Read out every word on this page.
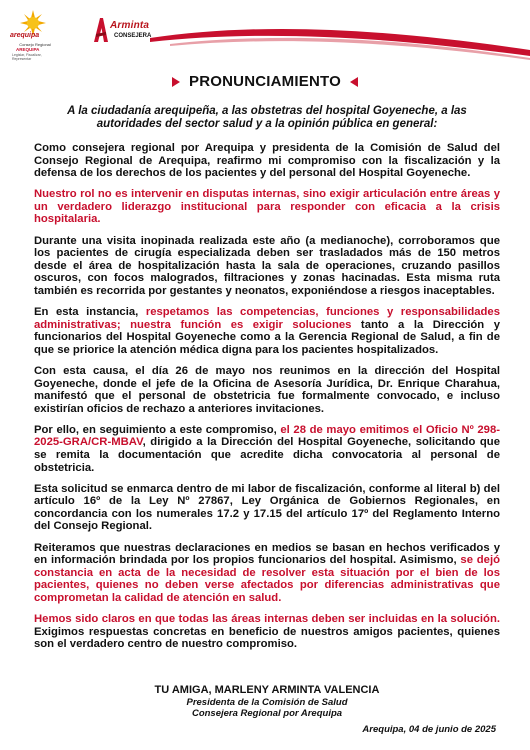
arequipa
Consejo Regional
AREQUIPA
Legislar, Fiscalizar, Representar
Arminta
CONSEJERA
PRONUNCIAMIENTO
A la ciudadanía arequipeña, a las obstetras del hospital Goyeneche, a las autoridades del sector salud y a la opinión pública en general:

Como consejera regional por Arequipa y presidenta de la Comisión de Salud del Consejo Regional de Arequipa, reafirmo mi compromiso con la fiscalización y la defensa de los derechos de los pacientes y del personal del Hospital Goyeneche.

Nuestro rol no es intervenir en disputas internas, sino exigir articulación entre áreas y un verdadero liderazgo institucional para responder con eficacia a la crisis hospitalaria.

Durante una visita inopinada realizada este año (a medianoche), corroboramos que los pacientes de cirugía especializada deben ser trasladados más de 150 metros desde el área de hospitalización hasta la sala de operaciones, cruzando pasillos oscuros, con focos malogrados, filtraciones y zonas hacinadas. Esta misma ruta también es recorrida por gestantes y neonatos, exponiéndose a riesgos inaceptables.

En esta instancia, respetamos las competencias, funciones y responsabilidades administrativas; nuestra función es exigir soluciones tanto a la Dirección y funcionarios del Hospital Goyeneche como a la Gerencia Regional de Salud, a fin de que se priorice la atención médica digna para los pacientes hospitalizados.

Con esta causa, el día 26 de mayo nos reunimos en la dirección del Hospital Goyeneche, donde el jefe de la Oficina de Asesoría Jurídica, Dr. Enrique Charahua, manifestó que el personal de obstetricia fue formalmente convocado, e incluso existirían oficios de rechazo a anteriores invitaciones.

Por ello, en seguimiento a este compromiso, el 28 de mayo emitimos el Oficio Nº 298-2025-GRA/CR-MBAV, dirigido a la Dirección del Hospital Goyeneche, solicitando que se remita la documentación que acredite dicha convocatoria al personal de obstetricia.

Esta solicitud se enmarca dentro de mi labor de fiscalización, conforme al literal b) del artículo 16º de la Ley Nº 27867, Ley Orgánica de Gobiernos Regionales, en concordancia con los numerales 17.2 y 17.15 del artículo 17º del Reglamento Interno del Consejo Regional.

Reiteramos que nuestras declaraciones en medios se basan en hechos verificados y en información brindada por los propios funcionarios del hospital. Asimismo, se dejó constancia en acta de la necesidad de resolver esta situación por el bien de los pacientes, quienes no deben verse afectados por diferencias administrativas que comprometan la calidad de atención en salud.

Hemos sido claros en que todas las áreas internas deben ser incluidas en la solución. Exigimos respuestas concretas en beneficio de nuestros amigos pacientes, quienes son el verdadero centro de nuestro compromiso.

TU AMIGA, MARLENY ARMINTA VALENCIA
Presidenta de la Comisión de Salud
Consejera Regional por Arequipa
Arequipa, 04 de junio de 2025
